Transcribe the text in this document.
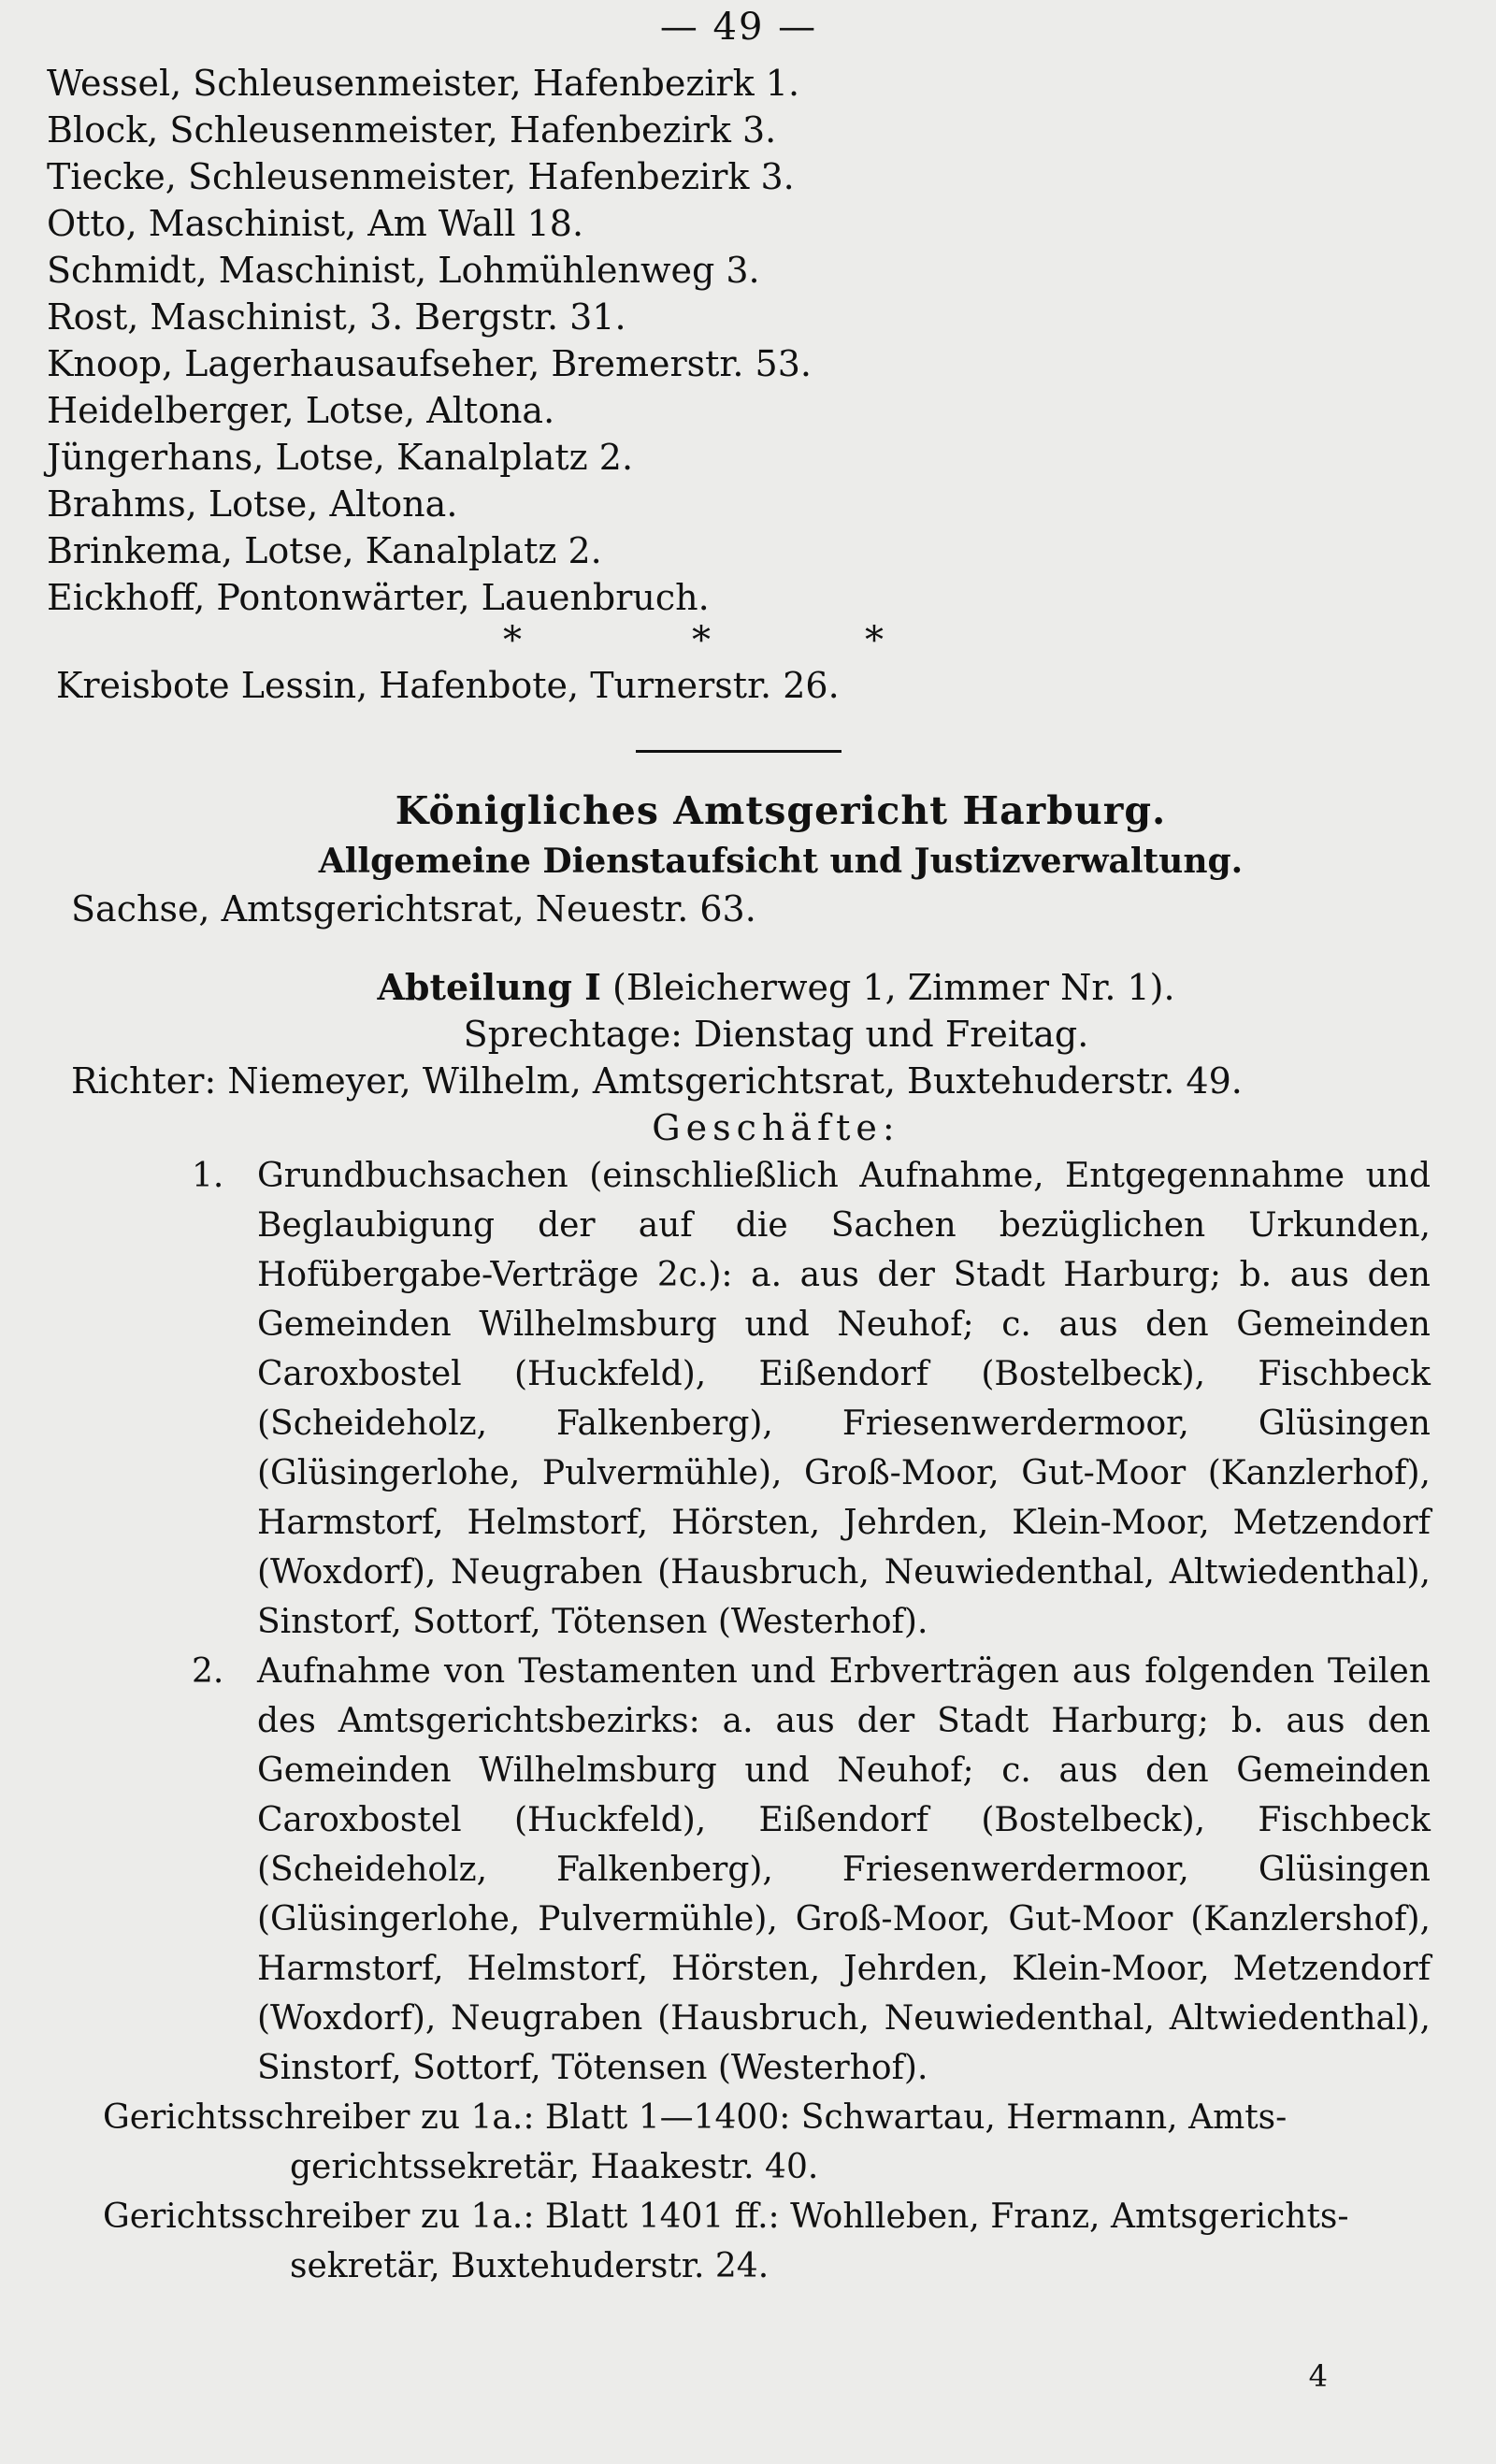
— 49 —
Wessel, Schleusenmeister, Hafenbezirk 1.
Block, Schleusenmeister, Hafenbezirk 3.
Tiecke, Schleusenmeister, Hafenbezirk 3.
Otto, Maschinist, Am Wall 18.
Schmidt, Maschinist, Lohmühlenweg 3.
Rost, Maschinist, 3. Bergstr. 31.
Knoop, Lagerhausaufseher, Bremerstr. 53.
Heidelberger, Lotse, Altona.
Jüngerhans, Lotse, Kanalplatz 2.
Brahms, Lotse, Altona.
Brinkema, Lotse, Kanalplatz 2.
Eickhoff, Pontonwärter, Lauenbruch.
*	*	*
Kreisbote Lessin, Hafenbote, Turnerstr. 26.
Königliches Amtsgericht Harburg.
Allgemeine Dienstaufsicht und Justizverwaltung.
Sachse, Amtsgerichtsrat, Neuestr. 63.
Abteilung I (Bleicherweg 1, Zimmer Nr. 1).
Sprechtage: Dienstag und Freitag.
Richter: Niemeyer, Wilhelm, Amtsgerichtsrat, Buxtehuderstr. 49.
Geschäfte:
1. Grundbuchsachen (einschließlich Aufnahme, Entgegennahme und Beglaubigung der auf die Sachen bezüglichen Urkunden, Hofübergabe-Verträge 2c.): a. aus der Stadt Harburg; b. aus den Gemeinden Wilhelmsburg und Neuhof; c. aus den Gemeinden Caroxbostel (Huckfeld), Eißendorf (Bostelbeck), Fischbeck (Scheideholz, Falkenberg), Friesenwerdermoor, Glüsingen (Glüsingerlohe, Pulvermühle), Groß-Moor, Gut-Moor (Kanzlerhof), Harmstorf, Helmstorf, Hörsten, Jehrden, Klein-Moor, Metzendorf (Woxdorf), Neugraben (Hausbruch, Neuwiedenthal, Altwiedenthal), Sinstorf, Sottorf, Tötensen (Westerhof).
2. Aufnahme von Testamenten und Erbverträgen aus folgenden Teilen des Amtsgerichtsbezirks: a. aus der Stadt Harburg; b. aus den Gemeinden Wilhelmsburg und Neuhof; c. aus den Gemeinden Caroxbostel (Huckfeld), Eißendorf (Bostelbeck), Fischbeck (Scheideholz, Falkenberg), Friesenwerdermoor, Glüsingen (Glüsingerlohe, Pulvermühle), Groß-Moor, Gut-Moor (Kanzlershof), Harmstorf, Helmstorf, Hörsten, Jehrden, Klein-Moor, Metzendorf (Woxdorf), Neugraben (Hausbruch, Neuwiedenthal, Altwiedenthal), Sinstorf, Sottorf, Tötensen (Westerhof).
Gerichtsschreiber zu 1a.: Blatt 1—1400: Schwartau, Hermann, Amts-
gerichtssekretär, Haakestr. 40.
Gerichtsschreiber zu 1a.: Blatt 1401 ff.: Wohlleben, Franz, Amtsgerichts-
sekretär, Buxtehuderstr. 24.
4
